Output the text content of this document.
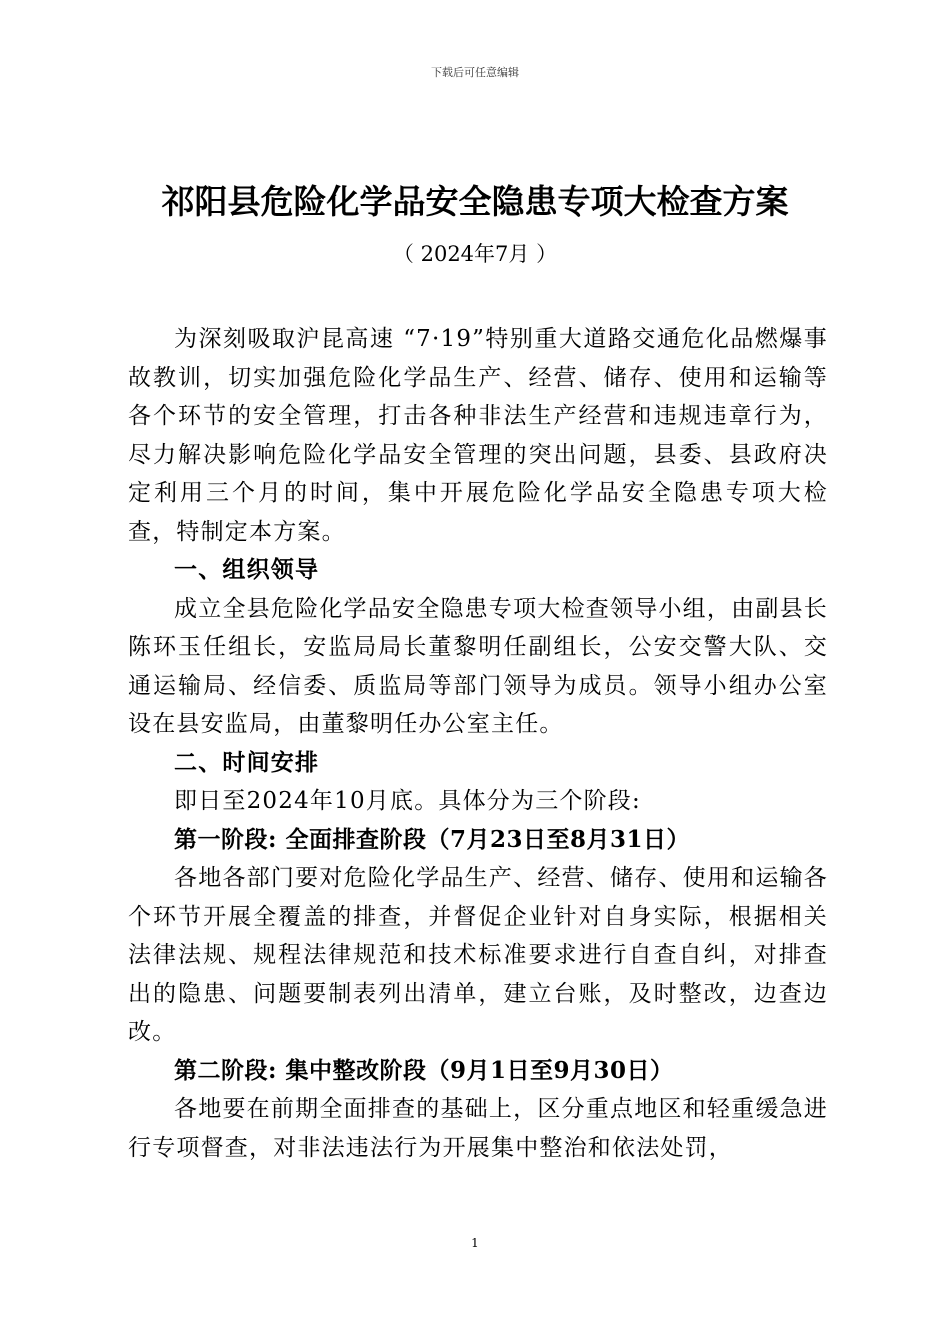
下载后可任意编辑
祁阳县危险化学品安全隐患专项大检查方案
（ 2024年7月 ）

为深刻吸取沪昆高速 “7·19”特别重大道路交通危化品燃爆事故教训，切实加强危险化学品生产、经营、储存、使用和运输等各个环节的安全管理，打击各种非法生产经营和违规违章行为，尽力解决影响危险化学品安全管理的突出问题，县委、县政府决定利用三个月的时间，集中开展危险化学品安全隐患专项大检查，特制定本方案。

一、组织领导

成立全县危险化学品安全隐患专项大检查领导小组，由副县长陈环玉任组长，安监局局长董黎明任副组长，公安交警大队、交通运输局、经信委、质监局等部门领导为成员。领导小组办公室设在县安监局，由董黎明任办公室主任。

二、时间安排

即日至2024年10月底。具体分为三个阶段:

第一阶段: 全面排查阶段（7月23日至8月31日）

各地各部门要对危险化学品生产、经营、储存、使用和运输各个环节开展全覆盖的排查，并督促企业针对自身实际，根据相关法律法规、规程法律规范和技术标准要求进行自查自纠，对排查出的隐患、问题要制表列出清单，建立台账，及时整改，边查边改。

第二阶段: 集中整改阶段（9月1日至9月30日）

各地要在前期全面排查的基础上，区分重点地区和轻重缓急进行专项督查，对非法违法行为开展集中整治和依法处罚，

1
